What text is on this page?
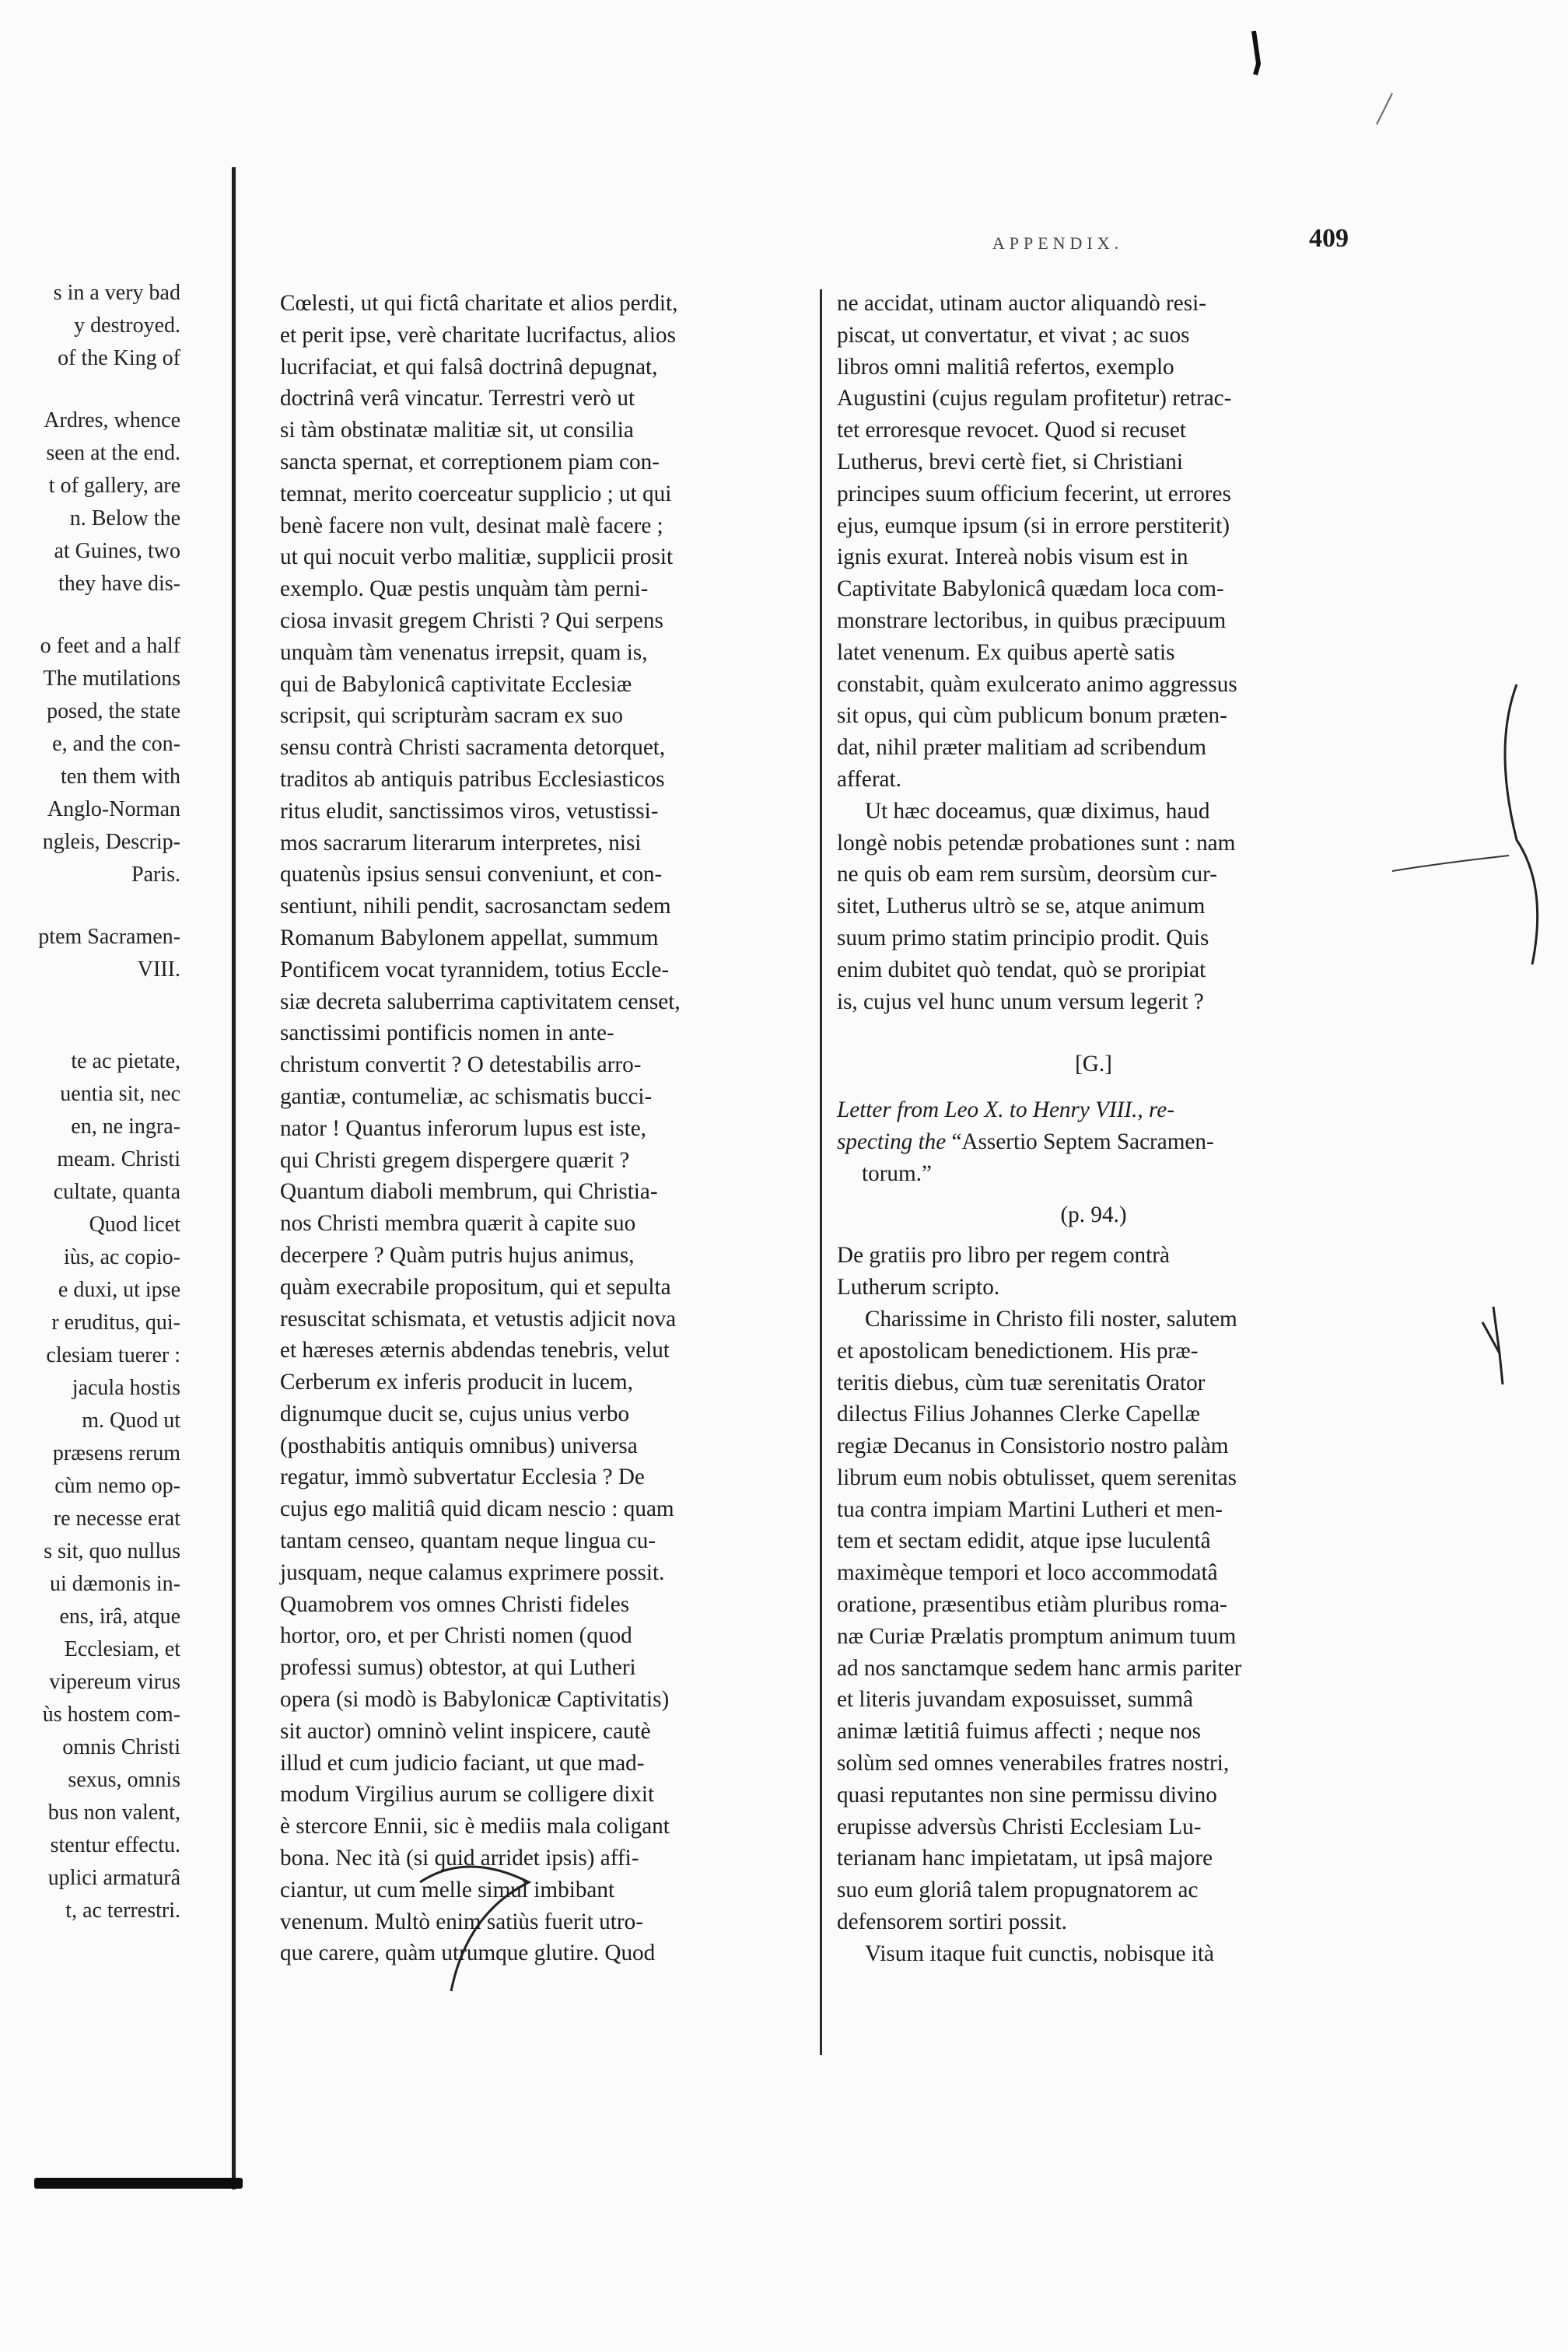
APPENDIX.	409
s in a very bad
y destroyed.
of the King of
Ardres, whence
seen at the end.
t of gallery, are
n. Below the
at Guines, two
they have dis-
o feet and a half
The mutilations
posed, the state
e, and the con-
ten them with
Anglo-Norman
ngleis, Descrip-
Paris.
ptem Sacramen-
VIII.
te ac pietate,
uentia sit, nec
en, ne ingra-
meam. Christi
cultate, quanta
Quod licet
iùs, ac copio-
e duxi, ut ipse
r eruditus, qui-
clesiam tuerer :
jacula hostis
m. Quod ut
præsens rerum
cùm nemo op-
re necesse erat
s sit, quo nullus
ui dæmonis in-
ens, irâ, atque
Ecclesiam, et
vipereum virus
ùs hostem com-
omnis Christi
sexus, omnis
bus non valent,
stentur effectu.
uplici armaturâ
t, ac terrestri.

Cœlesti, ut qui fictâ charitate et alios perdit,

et perit ipse, verè charitate lucrifactus, alios

lucrifaciat, et qui falsâ doctrinâ depugnat,

doctrinâ verâ vincatur. Terrestri verò ut

si tàm obstinatæ malitiæ sit, ut consilia

sancta spernat, et correptionem piam con-

temnat, merito coerceatur supplicio ; ut qui

benè facere non vult, desinat malè facere ;

ut qui nocuit verbo malitiæ, supplicii prosit

exemplo. Quæ pestis unquàm tàm perni-

ciosa invasit gregem Christi ? Qui serpens

unquàm tàm venenatus irrepsit, quam is,

qui de Babylonicâ captivitate Ecclesiæ

scripsit, qui scripturàm sacram ex suo

sensu contrà Christi sacramenta detorquet,

traditos ab antiquis patribus Ecclesiasticos

ritus eludit, sanctissimos viros, vetustissi-

mos sacrarum literarum interpretes, nisi

quatenùs ipsius sensui conveniunt, et con-

sentiunt, nihili pendit, sacrosanctam sedem

Romanum Babylonem appellat, summum

Pontificem vocat tyrannidem, totius Eccle-

siæ decreta saluberrima captivitatem censet,

sanctissimi pontificis nomen in ante-

christum convertit ? O detestabilis arro-

gantiæ, contumeliæ, ac schismatis bucci-

nator ! Quantus inferorum lupus est iste,

qui Christi gregem dispergere quærit ?

Quantum diaboli membrum, qui Christia-

nos Christi membra quærit à capite suo

decerpere ? Quàm putris hujus animus,

quàm execrabile propositum, qui et sepulta

resuscitat schismata, et vetustis adjicit nova

et hæreses æternis abdendas tenebris, velut

Cerberum ex inferis producit in lucem,

dignumque ducit se, cujus unius verbo

(posthabitis antiquis omnibus) universa

regatur, immò subvertatur Ecclesia ? De

cujus ego malitiâ quid dicam nescio : quam

tantam censeo, quantam neque lingua cu-

jusquam, neque calamus exprimere possit.

Quamobrem vos omnes Christi fideles

hortor, oro, et per Christi nomen (quod

professi sumus) obtestor, at qui Lutheri

opera (si modò is Babylonicæ Captivitatis)

sit auctor) omninò velint inspicere, cautè

illud et cum judicio faciant, ut que mad-

modum Virgilius aurum se colligere dixit

è stercore Ennii, sic è mediis mala coligant

bona. Nec ità (si quid arridet ipsis) affi-

ciantur, ut cum melle simul imbibant

venenum. Multò enim satiùs fuerit utro-

que carere, quàm utrumque glutire. Quod

ne accidat, utinam auctor aliquandò resi-

piscat, ut convertatur, et vivat ; ac suos

libros omni malitiâ refertos, exemplo

Augustini (cujus regulam profitetur) retrac-

tet erroresque revocet. Quod si recuset

Lutherus, brevi certè fiet, si Christiani

principes suum officium fecerint, ut errores

ejus, eumque ipsum (si in errore perstiterit)

ignis exurat. Intereà nobis visum est in

Captivitate Babylonicâ quædam loca com-

monstrare lectoribus, in quibus præcipuum

latet venenum. Ex quibus apertè satis

constabit, quàm exulcerato animo aggressus

sit opus, qui cùm publicum bonum præten-

dat, nihil præter malitiam ad scribendum

afferat.

Ut hæc doceamus, quæ diximus, haud

longè nobis petendæ probationes sunt : nam

ne quis ob eam rem sursùm, deorsùm cur-

sitet, Lutherus ultrò se se, atque animum

suum primo statim principio prodit. Quis

enim dubitet quò tendat, quò se proripiat

is, cujus vel hunc unum versum legerit ?

[G.]

Letter from Leo X. to Henry VIII., re-

specting the “Assertio Septem Sacramen-

torum.”

(p. 94.)

De gratiis pro libro per regem contrà

Lutherum scripto.

Charissime in Christo fili noster, salutem

et apostolicam benedictionem. His præ-

teritis diebus, cùm tuæ serenitatis Orator

dilectus Filius Johannes Clerke Capellæ

regiæ Decanus in Consistorio nostro palàm

librum eum nobis obtulisset, quem serenitas

tua contra impiam Martini Lutheri et men-

tem et sectam edidit, atque ipse luculentâ

maximèque tempori et loco accommodatâ

oratione, præsentibus etiàm pluribus roma-

næ Curiæ Prælatis promptum animum tuum

ad nos sanctamque sedem hanc armis pariter

et literis juvandam exposuisset, summâ

animæ lætitiâ fuimus affecti ; neque nos

solùm sed omnes venerabiles fratres nostri,

quasi reputantes non sine permissu divino

erupisse adversùs Christi Ecclesiam Lu-

terianam hanc impietatam, ut ipsâ majore

suo eum gloriâ talem propugnatorem ac

defensorem sortiri possit.

Visum itaque fuit cunctis, nobisque ità
